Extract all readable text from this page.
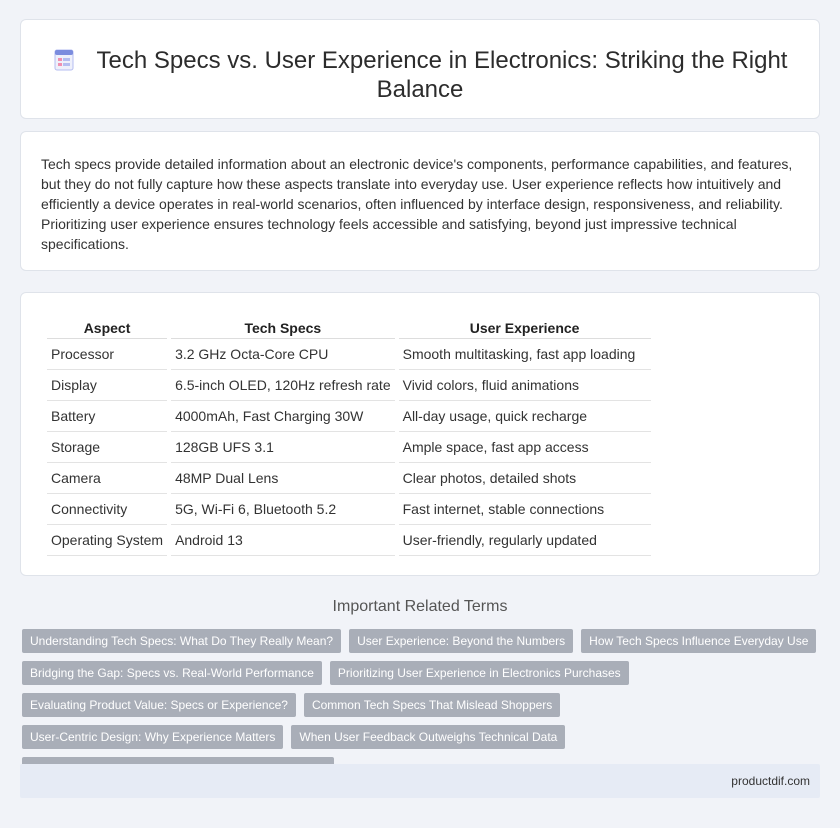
Tech Specs vs. User Experience in Electronics: Striking the Right Balance

Tech specs provide detailed information about an electronic device's components, performance capabilities, and features, but they do not fully capture how these aspects translate into everyday use. User experience reflects how intuitively and efficiently a device operates in real-world scenarios, often influenced by interface design, responsiveness, and reliability. Prioritizing user experience ensures technology feels accessible and satisfying, beyond just impressive technical specifications.

Aspect	Tech Specs	User Experience
Processor	3.2 GHz Octa-Core CPU	Smooth multitasking, fast app loading
Display	6.5-inch OLED, 120Hz refresh rate	Vivid colors, fluid animations
Battery	4000mAh, Fast Charging 30W	All-day usage, quick recharge
Storage	128GB UFS 3.1	Ample space, fast app access
Camera	48MP Dual Lens	Clear photos, detailed shots
Connectivity	5G, Wi-Fi 6, Bluetooth 5.2	Fast internet, stable connections
Operating System	Android 13	User-friendly, regularly updated
Important Related Terms
Understanding Tech Specs: What Do They Really Mean?	User Experience: Beyond the Numbers	How Tech Specs Influence Everyday Use
Bridging the Gap: Specs vs. Real-World Performance	Prioritizing User Experience in Electronics Purchases
Evaluating Product Value: Specs or Experience?	Common Tech Specs That Mislead Shoppers
User-Centric Design: Why Experience Matters	When User Feedback Outweighs Technical Data
productdif.com
